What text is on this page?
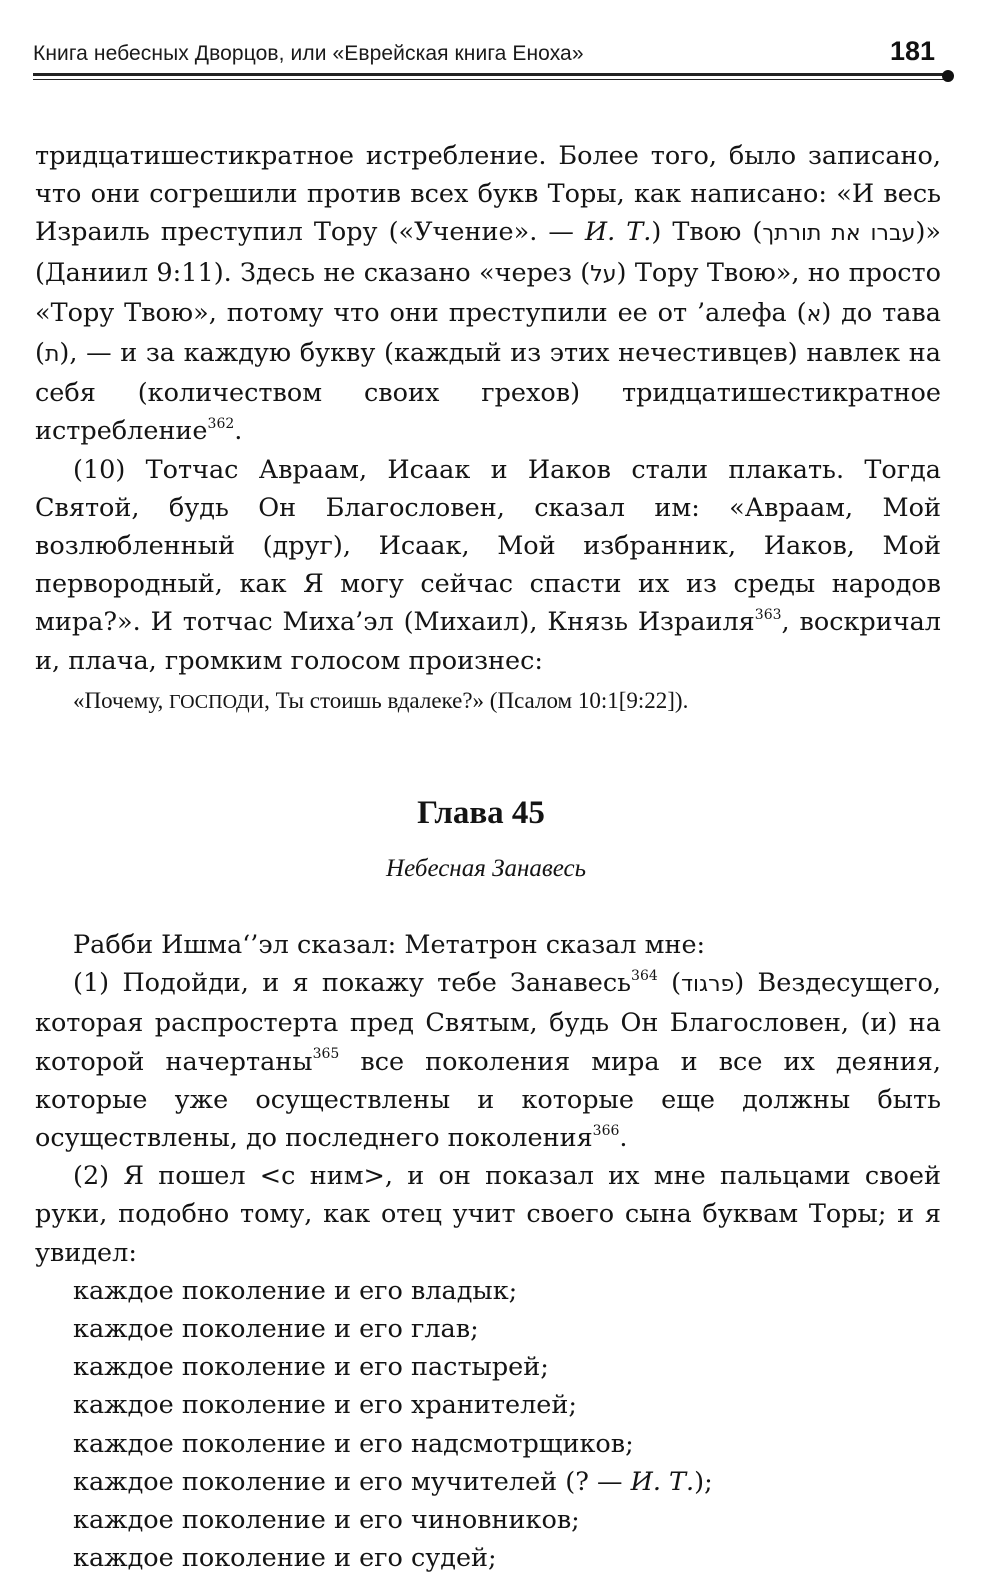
Книга небесных Дворцов, или «Еврейская книга Еноха»	181

тридцатишестикратное истребление. Более того, было записано, что они согрешили против всех букв Торы, как написано: «И весь Израиль преступил Тору («Учение». — И. Т.) Твою (עברו את תורתך)» (Даниил 9:11). Здесь не сказано «через (על) Тору Твою», но просто «Тору Твою», потому что они преступили ее от ’алефа (א) до тава (ת), — и за каждую букву (каждый из этих нечестивцев) навлек на себя (количеством своих грехов) тридцатишестикратное истребление$^{362}$.

(10) Тотчас Авраам, Исаак и Иаков стали плакать. Тогда Святой, будь Он Благословен, сказал им: «Авраам, Мой возлюбленный (друг), Исаак, Мой избранник, Иаков, Мой первородный, как Я могу сейчас спасти их из среды народов мира?». И тотчас Миха’эл (Михаил), Князь Израиля$^{363}$, воскричал и, плача, громким голосом произнес:

«Почему, ГОСПОДИ, Ты стоишь вдалеке?» (Псалом 10:1[9:22]).
Глава 45
Небесная Занавесь

Рабби Ишма‘’эл сказал: Метaтрон сказал мне:

(1) Подойди, и я покажу тебе Занавесь$^{364}$ (פרגוד) Вездесущего, которая распростерта пред Святым, будь Он Благословен, (и) на которой начертаны$^{365}$ все поколения мира и все их деяния, которые уже осуществлены и которые еще должны быть осуществлены, до последнего поколения$^{366}$.

(2) Я пошел <с ним>, и он показал их мне пальцами своей руки, подобно тому, как отец учит своего сына буквам Торы; и я увидел:

каждое поколение и его владык;
каждое поколение и его глав;
каждое поколение и его пастырей;
каждое поколение и его хранителей;
каждое поколение и его надсмотрщиков;
каждое поколение и его мучителей (? — И. Т.);
каждое поколение и его чиновников;
каждое поколение и его судей;
